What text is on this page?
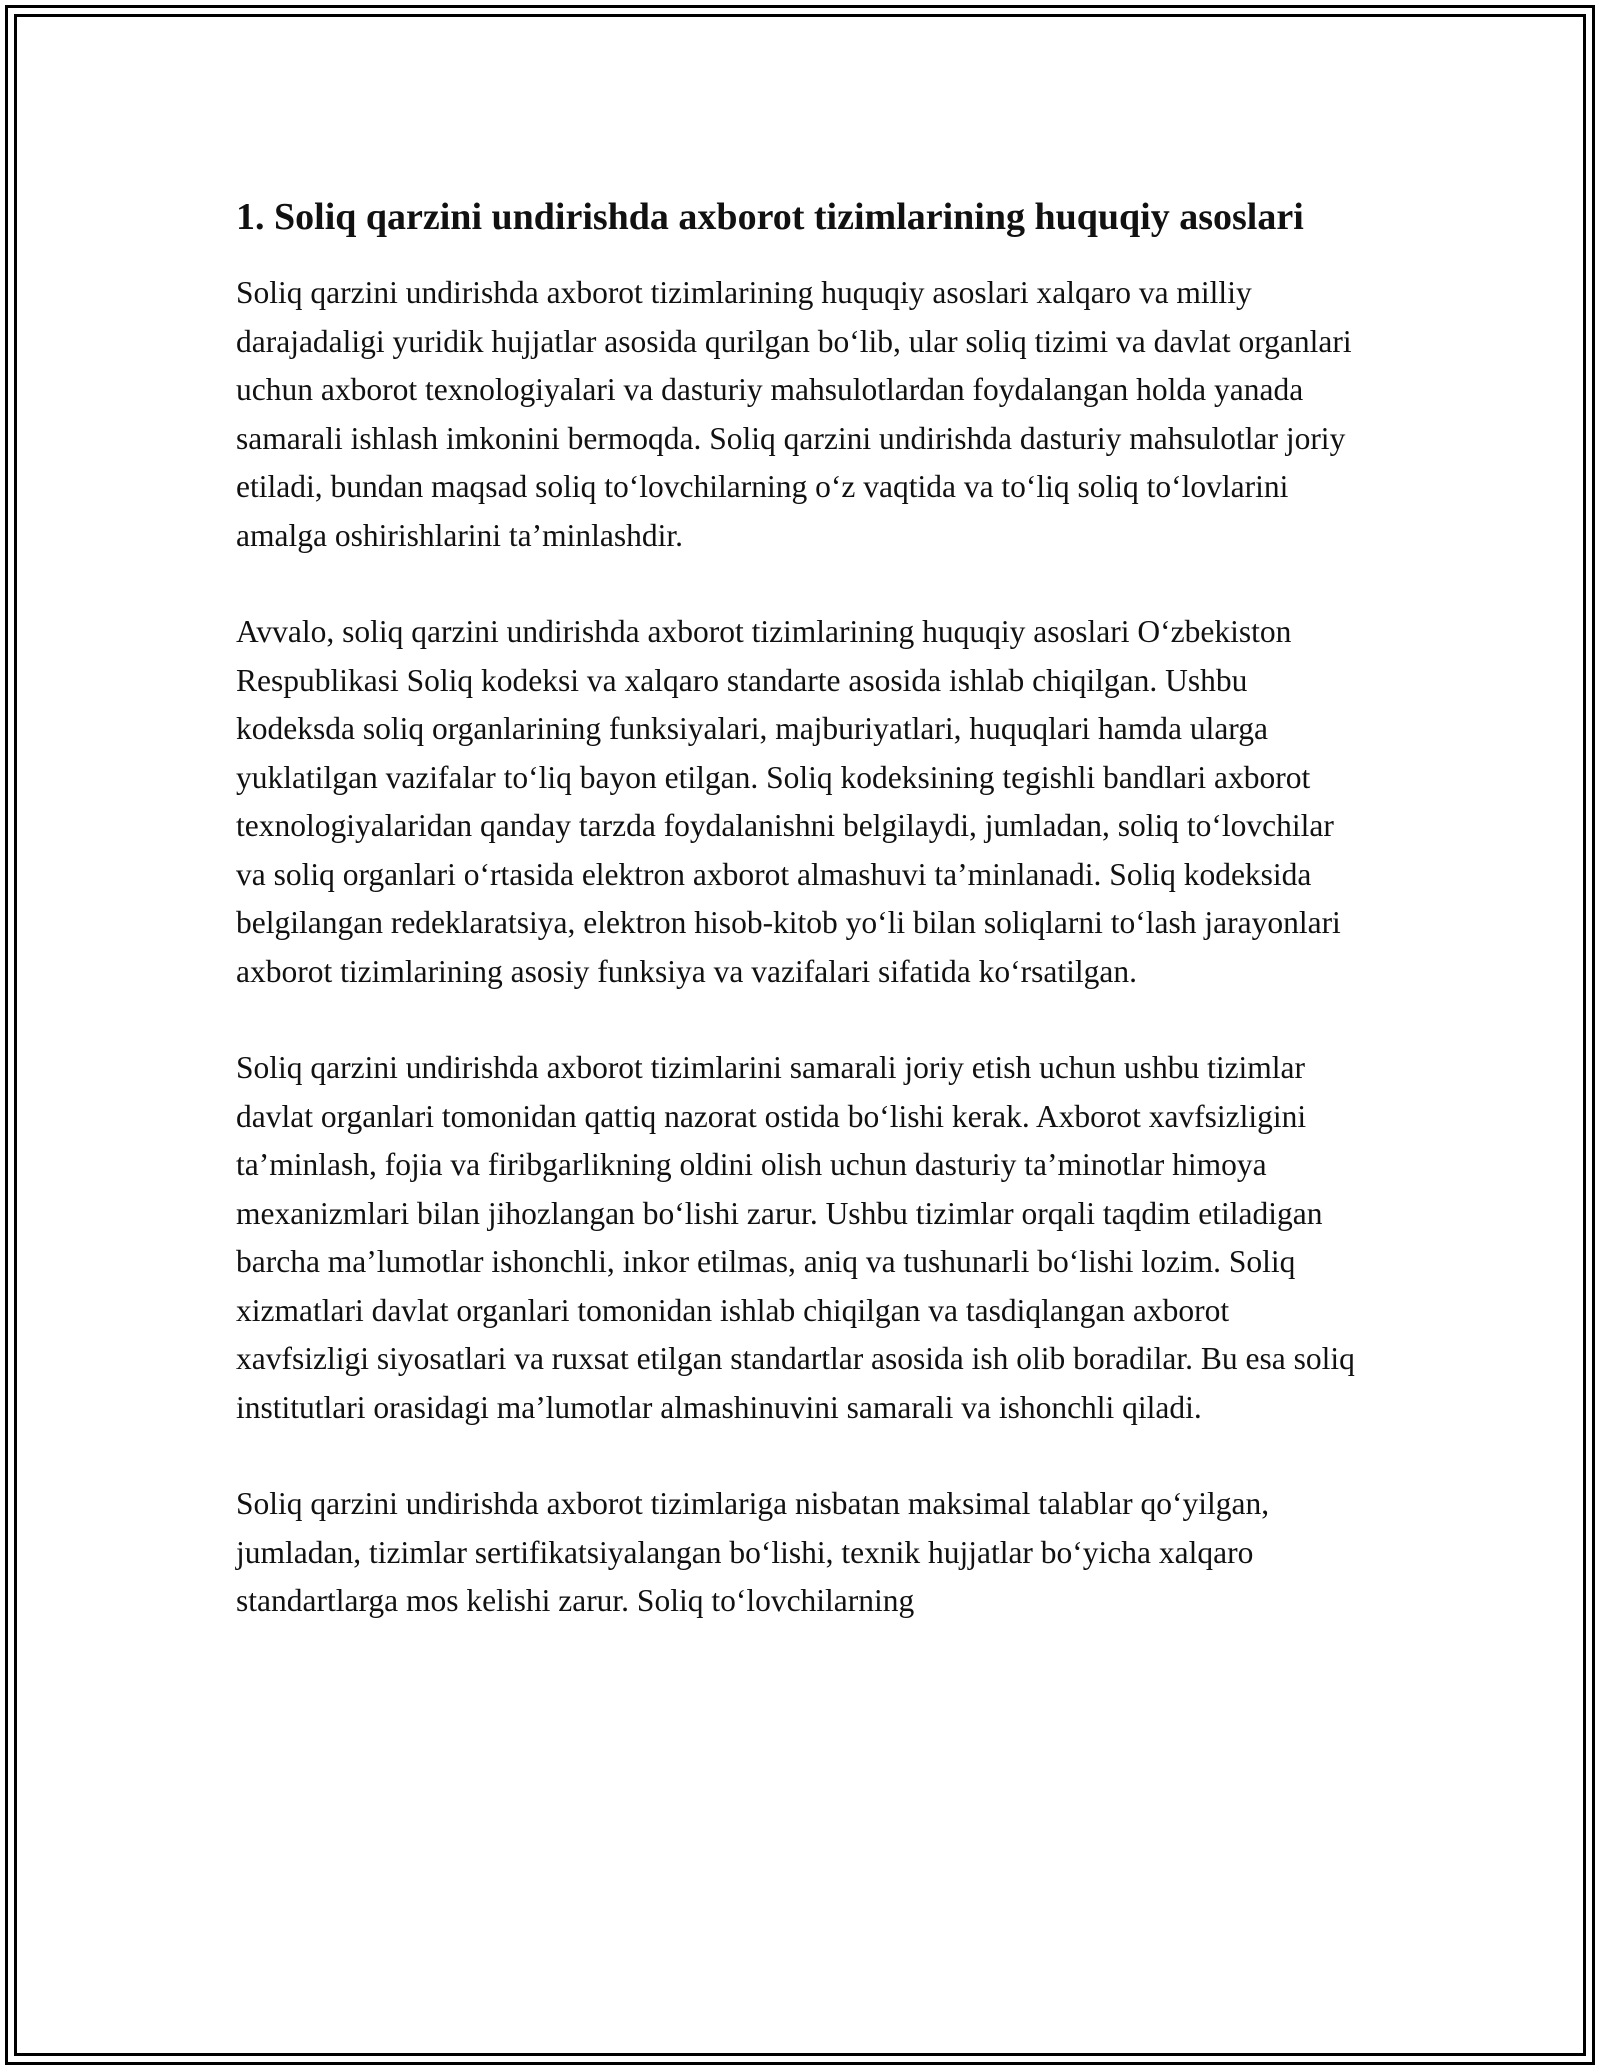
1. Soliq qarzini undirishda axborot tizimlarining huquqiy asoslari

Soliq qarzini undirishda axborot tizimlarining huquqiy asoslari xalqaro va milliy darajadaligi yuridik hujjatlar asosida qurilgan bo‘lib, ular soliq tizimi va davlat organlari uchun axborot texnologiyalari va dasturiy mahsulotlardan foydalangan holda yanada samarali ishlash imkonini bermoqda. Soliq qarzini undirishda dasturiy mahsulotlar joriy etiladi, bundan maqsad soliq to‘lovchilarning o‘z vaqtida va to‘liq soliq to‘lovlarini amalga oshirishlarini ta’minlashdir.

Avvalo, soliq qarzini undirishda axborot tizimlarining huquqiy asoslari O‘zbekiston Respublikasi Soliq kodeksi va xalqaro standarte asosida ishlab chiqilgan. Ushbu kodeksda soliq organlarining funksiyalari, majburiyatlari, huquqlari hamda ularga yuklatilgan vazifalar to‘liq bayon etilgan. Soliq kodeksining tegishli bandlari axborot texnologiyalaridan qanday tarzda foydalanishni belgilaydi, jumladan, soliq to‘lovchilar va soliq organlari o‘rtasida elektron axborot almashuvi ta’minlanadi. Soliq kodeksida belgilangan redeklaratsiya, elektron hisob-kitob yo‘li bilan soliqlarni to‘lash jarayonlari axborot tizimlarining asosiy funksiya va vazifalari sifatida ko‘rsatilgan.

Soliq qarzini undirishda axborot tizimlarini samarali joriy etish uchun ushbu tizimlar davlat organlari tomonidan qattiq nazorat ostida bo‘lishi kerak. Axborot xavfsizligini ta’minlash, fojia va firibgarlikning oldini olish uchun dasturiy ta’minotlar himoya mexanizmlari bilan jihozlangan bo‘lishi zarur. Ushbu tizimlar orqali taqdim etiladigan barcha ma’lumotlar ishonchli, inkor etilmas, aniq va tushunarli bo‘lishi lozim. Soliq xizmatlari davlat organlari tomonidan ishlab chiqilgan va tasdiqlangan axborot xavfsizligi siyosatlari va ruxsat etilgan standartlar asosida ish olib boradilar. Bu esa soliq institutlari orasidagi ma’lumotlar almashinuvini samarali va ishonchli qiladi.

Soliq qarzini undirishda axborot tizimlariga nisbatan maksimal talablar qo‘yilgan, jumladan, tizimlar sertifikatsiyalangan bo‘lishi, texnik hujjatlar bo‘yicha xalqaro standartlarga mos kelishi zarur. Soliq to‘lovchilarning
